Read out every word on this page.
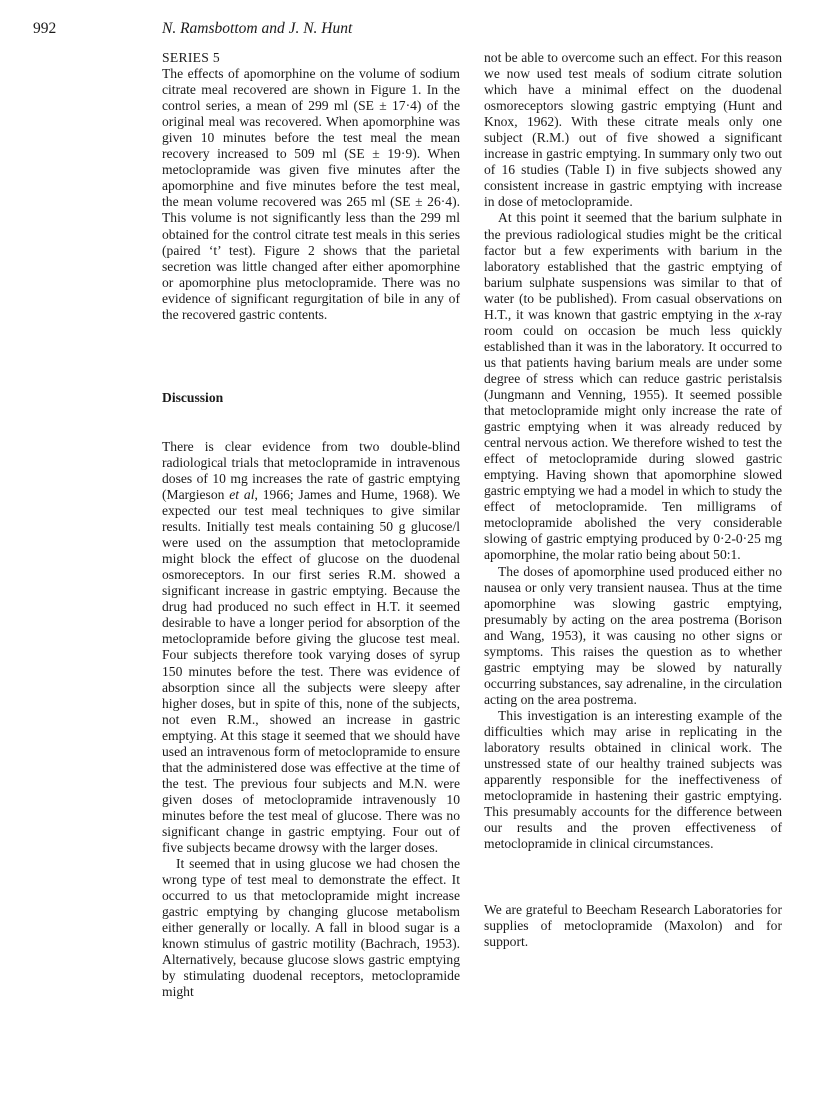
992	N. Ramsbottom and J. N. Hunt

SERIES 5

The effects of apomorphine on the volume of sodium citrate meal recovered are shown in Figure 1. In the control series, a mean of 299 ml (SE ± 17·4) of the original meal was recovered. When apomorphine was given 10 minutes before the test meal the mean recovery increased to 509 ml (SE ± 19·9). When metoclopramide was given five minutes after the apomorphine and five minutes before the test meal, the mean volume recovered was 265 ml (SE ± 26·4). This volume is not significantly less than the 299 ml obtained for the control citrate test meals in this series (paired ‘t’ test). Figure 2 shows that the parietal secretion was little changed after either apomorphine or apomorphine plus metoclopramide. There was no evidence of significant regurgitation of bile in any of the recovered gastric contents.

Discussion

There is clear evidence from two double-blind radiological trials that metoclopramide in intravenous doses of 10 mg increases the rate of gastric emptying (Margieson et al, 1966; James and Hume, 1968). We expected our test meal techniques to give similar results. Initially test meals containing 50 g glucose/l were used on the assumption that metoclopramide might block the effect of glucose on the duodenal osmoreceptors. In our first series R.M. showed a significant increase in gastric emptying. Because the drug had produced no such effect in H.T. it seemed desirable to have a longer period for absorption of the metoclopramide before giving the glucose test meal. Four subjects therefore took varying doses of syrup 150 minutes before the test. There was evidence of absorption since all the subjects were sleepy after higher doses, but in spite of this, none of the subjects, not even R.M., showed an increase in gastric emptying. At this stage it seemed that we should have used an intravenous form of metoclopramide to ensure that the administered dose was effective at the time of the test. The previous four subjects and M.N. were given doses of metoclopramide intravenously 10 minutes before the test meal of glucose. There was no significant change in gastric emptying. Four out of five subjects became drowsy with the larger doses.

It seemed that in using glucose we had chosen the wrong type of test meal to demonstrate the effect. It occurred to us that metoclopramide might increase gastric emptying by changing glucose metabolism either generally or locally. A fall in blood sugar is a known stimulus of gastric motility (Bachrach, 1953). Alternatively, because glucose slows gastric emptying by stimulating duodenal receptors, metoclopramide might

not be able to overcome such an effect. For this reason we now used test meals of sodium citrate solution which have a minimal effect on the duodenal osmoreceptors slowing gastric emptying (Hunt and Knox, 1962). With these citrate meals only one subject (R.M.) out of five showed a significant increase in gastric emptying. In summary only two out of 16 studies (Table I) in five subjects showed any consistent increase in gastric emptying with increase in dose of metoclopramide.

At this point it seemed that the barium sulphate in the previous radiological studies might be the critical factor but a few experiments with barium in the laboratory established that the gastric emptying of barium sulphate suspensions was similar to that of water (to be published). From casual observations on H.T., it was known that gastric emptying in the x-ray room could on occasion be much less quickly established than it was in the laboratory. It occurred to us that patients having barium meals are under some degree of stress which can reduce gastric peristalsis (Jungmann and Venning, 1955). It seemed possible that metoclopramide might only increase the rate of gastric emptying when it was already reduced by central nervous action. We therefore wished to test the effect of metoclopramide during slowed gastric emptying. Having shown that apomorphine slowed gastric emptying we had a model in which to study the effect of metoclopramide. Ten milligrams of metoclopramide abolished the very considerable slowing of gastric emptying produced by 0·2-0·25 mg apomorphine, the molar ratio being about 50:1.

The doses of apomorphine used produced either no nausea or only very transient nausea. Thus at the time apomorphine was slowing gastric emptying, presumably by acting on the area postrema (Borison and Wang, 1953), it was causing no other signs or symptoms. This raises the question as to whether gastric emptying may be slowed by naturally occurring substances, say adrenaline, in the circulation acting on the area postrema.

This investigation is an interesting example of the difficulties which may arise in replicating in the laboratory results obtained in clinical work. The unstressed state of our healthy trained subjects was apparently responsible for the ineffectiveness of metoclopramide in hastening their gastric emptying. This presumably accounts for the difference between our results and the proven effectiveness of metoclopramide in clinical circumstances.

We are grateful to Beecham Research Laboratories for supplies of metoclopramide (Maxolon) and for support.
